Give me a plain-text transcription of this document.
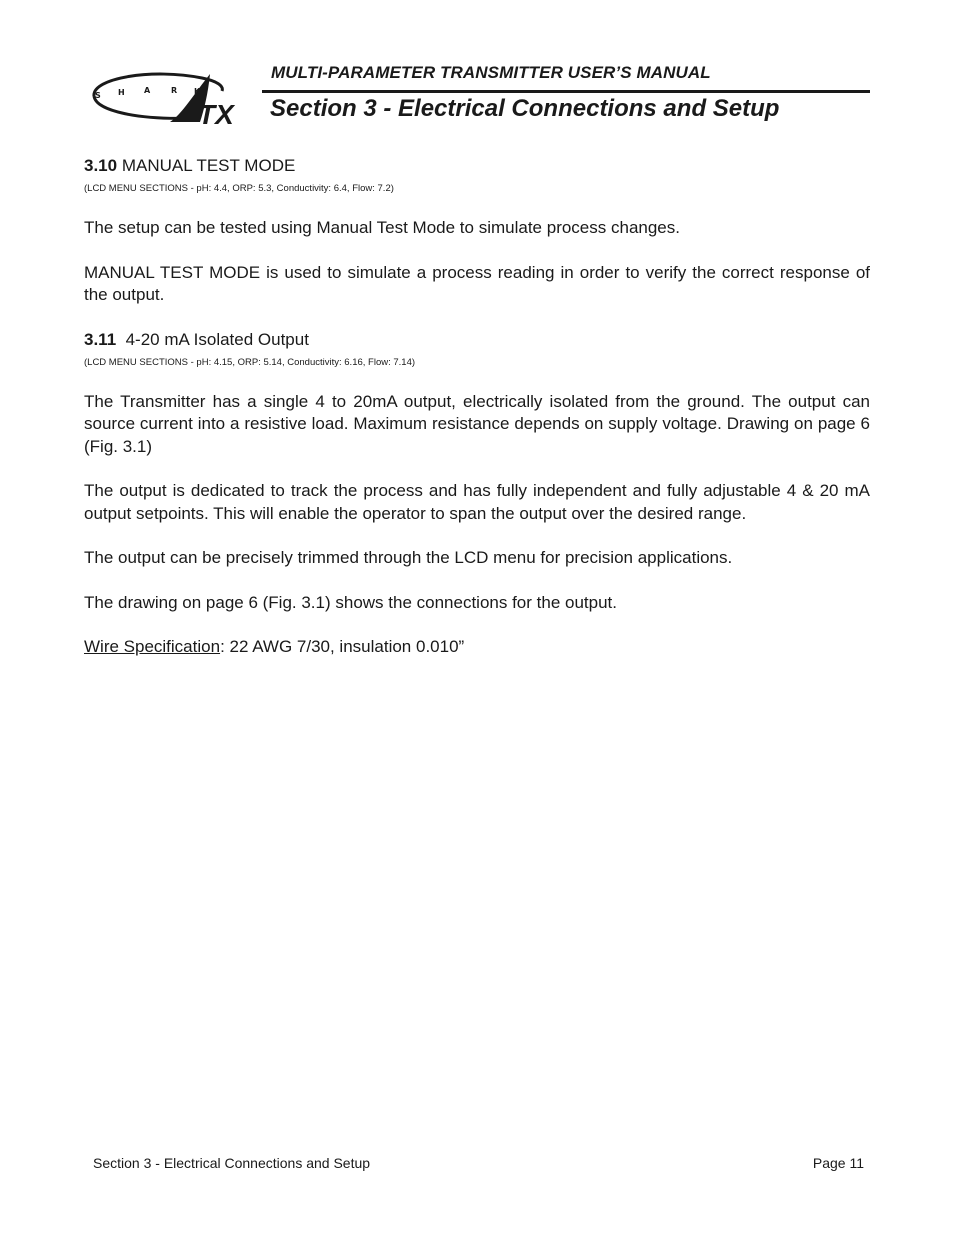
S H A	R K
TX
MULTI-PARAMETER TRANSMITTER USER’S MANUAL
Section 3 - Electrical Connections and Setup

3.10 MANUAL TEST MODE

(LCD MENU SECTIONS - pH: 4.4, ORP: 5.3, Conductivity: 6.4, Flow: 7.2)

The setup can be tested using Manual Test Mode to simulate process changes.

MANUAL TEST MODE is used to simulate a process reading in order to verify the correct response of the output.

3.11  4-20 mA Isolated Output

(LCD MENU SECTIONS - pH: 4.15, ORP: 5.14, Conductivity: 6.16, Flow: 7.14)

The Transmitter has a single 4 to 20mA output, electrically isolated from the ground. The output can source current into a resistive load. Maximum resistance depends on supply voltage. Drawing on page 6 (Fig. 3.1)

The output is dedicated to track the process and has fully independent and fully adjustable 4 & 20 mA output setpoints. This will enable the operator to span the output over the desired range.

The output can be precisely trimmed through the LCD menu for precision applications.

The drawing on page 6 (Fig. 3.1) shows the connections for the output.

Wire Specification: 22 AWG 7/30, insulation 0.010”

Section 3 - Electrical Connections and Setup	Page 11
